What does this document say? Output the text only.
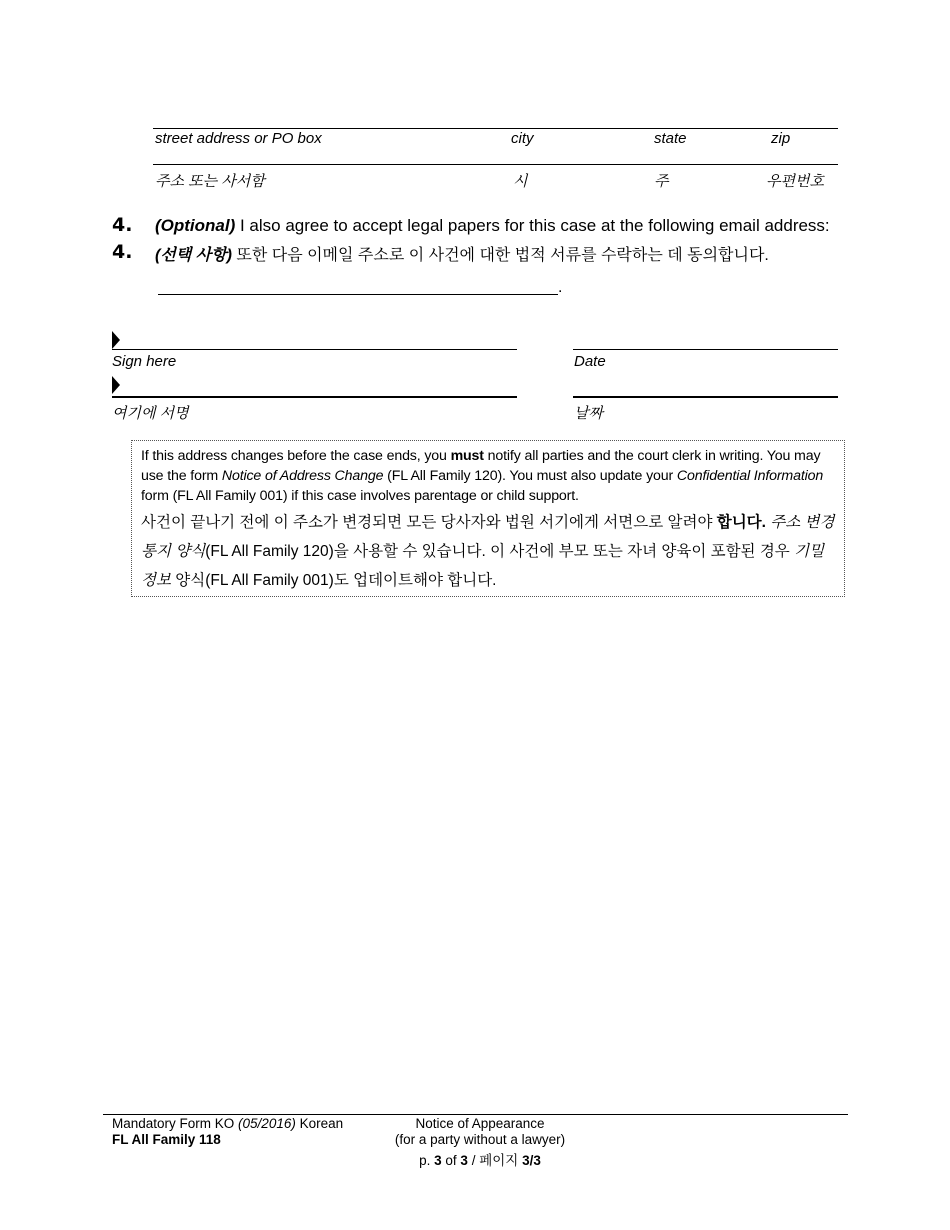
street address or PO box	city	state	zip
주소 또는 사서함	시	주	우편번호
4. (Optional) I also agree to accept legal papers for this case at the following email address:
4. (선택 사항) 또한 다음 이메일 주소로 이 사건에 대한 법적 서류를 수락하는 데 동의합니다.
.
Sign here	Date
여기에 서명	날짜
If this address changes before the case ends, you must notify all parties and the court clerk in writing. You may use the form Notice of Address Change (FL All Family 120). You must also update your Confidential Information form (FL All Family 001) if this case involves parentage or child support.
사건이 끝나기 전에 이 주소가 변경되면 모든 당사자와 법원 서기에게 서면으로 알려야 합니다. 주소 변경 통지 양식(FL All Family 120)을 사용할 수 있습니다. 이 사건에 부모 또는 자녀 양육이 포함된 경우 기밀 정보 양식(FL All Family 001)도 업데이트해야 합니다.
Mandatory Form KO (05/2016) Korean
FL All Family 118
Notice of Appearance
(for a party without a lawyer)
p. 3 of 3 / 페이지 3/3
